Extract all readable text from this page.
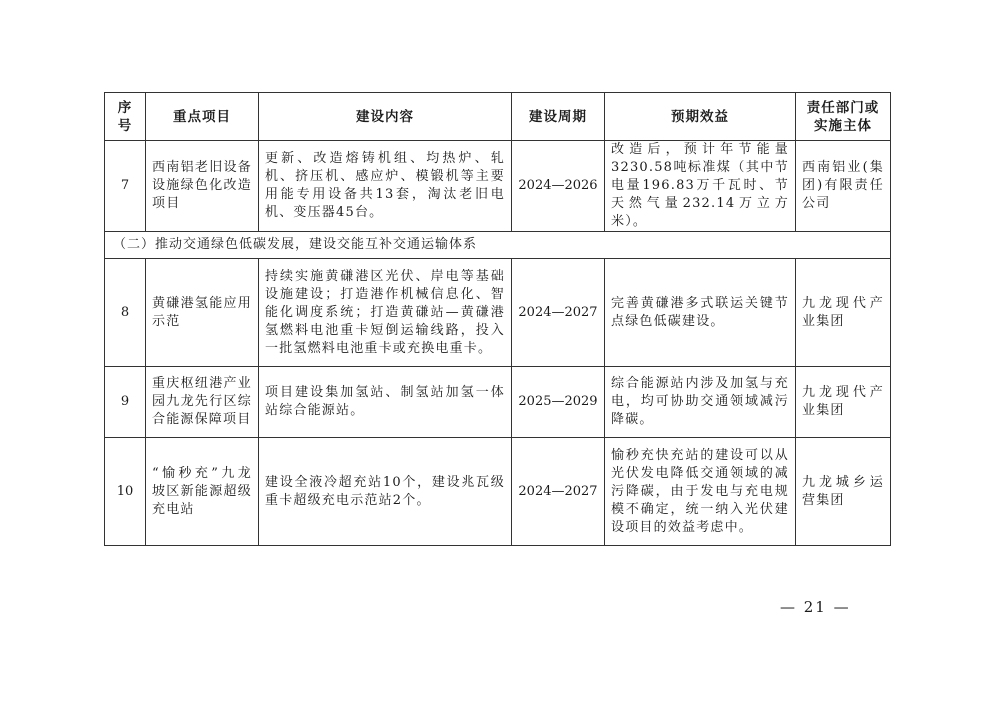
序号	重点项目	建设内容	建设周期	预期效益	责任部门或实施主体
7	西南铝老旧设备设施绿色化改造项目	更新、改造熔铸机组、均热炉、轧机、挤压机、感应炉、模锻机等主要用能专用设备共13套，淘汰老旧电机、变压器45台。	2024—2026	改造后，预计年节能量3230.58吨标准煤（其中节电量196.83万千瓦时、节天然气量232.14万立方米）。	西南铝业(集团)有限责任公司
（二）推动交通绿色低碳发展，建设交能互补交通运输体系					
8	黄磏港氢能应用示范	持续实施黄磏港区光伏、岸电等基础设施建设；打造港作机械信息化、智能化调度系统；打造黄磏站—黄磏港氢燃料电池重卡短倒运输线路，投入一批氢燃料电池重卡或充换电重卡。	2024—2027	完善黄磏港多式联运关键节点绿色低碳建设。	九龙现代产业集团
9	重庆枢纽港产业园九龙先行区综合能源保障项目	项目建设集加氢站、制氢站加氢一体站综合能源站。	2025—2029	综合能源站内涉及加氢与充电，均可协助交通领域减污降碳。	九龙现代产业集团
10	“愉秒充”九龙坡区新能源超级充电站	建设全液冷超充站10个，建设兆瓦级重卡超级充电示范站2个。	2024—2027	愉秒充快充站的建设可以从光伏发电降低交通领域的减污降碳，由于发电与充电规模不确定，统一纳入光伏建设项目的效益考虑中。	九龙城乡运营集团
— 21 —
